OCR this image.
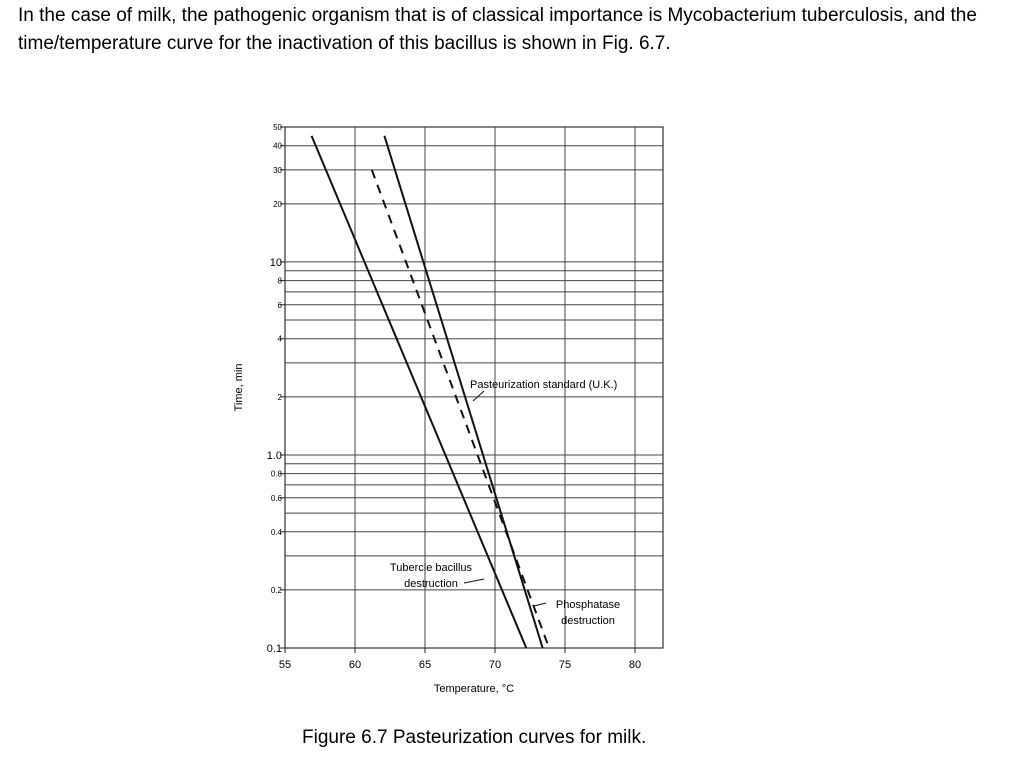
In the case of milk, the pathogenic organism that is of classical importance is Mycobacterium tuberculosis, and the time/temperature curve for the inactivation of this bacillus is shown in Fig. 6.7.

0.1
0.2
0.4
0.6
0.8
1.0
2
4
6
8
10
20
30
40
50
55	60	65	70	75	80
Temperature, °C
Time, min	Pasteurization standard (U.K.)
Tubercle bacillus
destruction
Phosphatase
destruction

Figure 6.7 Pasteurization curves for milk.
